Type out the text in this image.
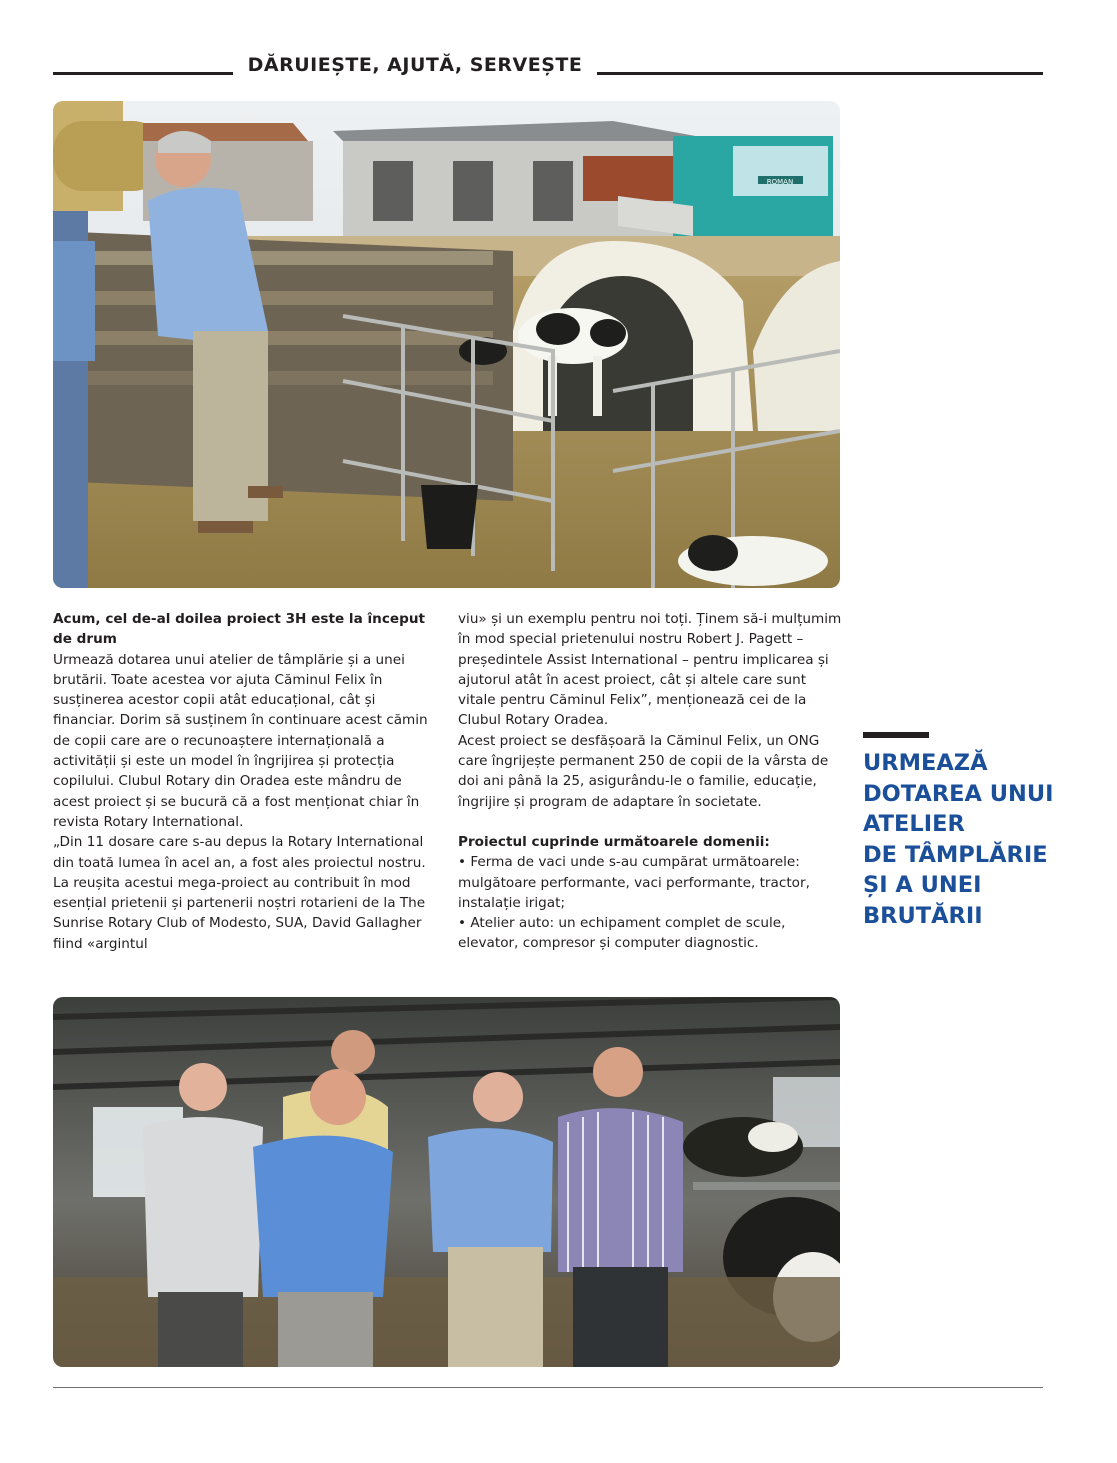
DĂRUIEȘTE, AJUTĂ, SERVEȘTE
ROMAN

Acum, cel de-al doilea proiect 3H este la început de drum

Urmează dotarea unui atelier de tâmplărie și a unei brutării. Toate acestea vor ajuta Căminul Felix în susținerea acestor copii atât educațional, cât și financiar. Dorim să susținem în continuare acest cămin de copii care are o recunoaștere internațională a activității și este un model în îngrijirea și protecția copilului. Clubul Rotary din Oradea este mândru de acest proiect și se bucură că a fost menționat chiar în revista Rotary International.

„Din 11 dosare care s-au depus la Rotary International din toată lumea în acel an, a fost ales proiectul nostru. La reușita acestui mega-proiect au contribuit în mod esențial prietenii și partenerii noștri rotarieni de la The Sunrise Rotary Club of Modesto, SUA, David Gallagher fiind «argintul

viu» și un exemplu pentru noi toți. Ținem să-i mulțumim în mod special prietenului nostru Robert J. Pagett – președintele Assist International – pentru implicarea și ajutorul atât în acest proiect, cât și altele care sunt vitale pentru Căminul Felix”, menționează cei de la Clubul Rotary Oradea.

Acest proiect se desfășoară la Căminul Felix, un ONG care îngrijește permanent 250 de copii de la vârsta de doi ani până la 25, asigurându-le o familie, educație, îngrijire și program de adaptare în societate.

Proiectul cuprinde următoarele domenii:

• Ferma de vaci unde s-au cumpărat următoarele: mulgătoare performante, vaci performante, tractor, instalație irigat;

• Atelier auto: un echipament complet de scule, elevator, compresor și computer diagnostic.

URMEAZĂ
DOTAREA UNUI
ATELIER
DE TÂMPLĂRIE
ȘI A UNEI
BRUTĂRII
